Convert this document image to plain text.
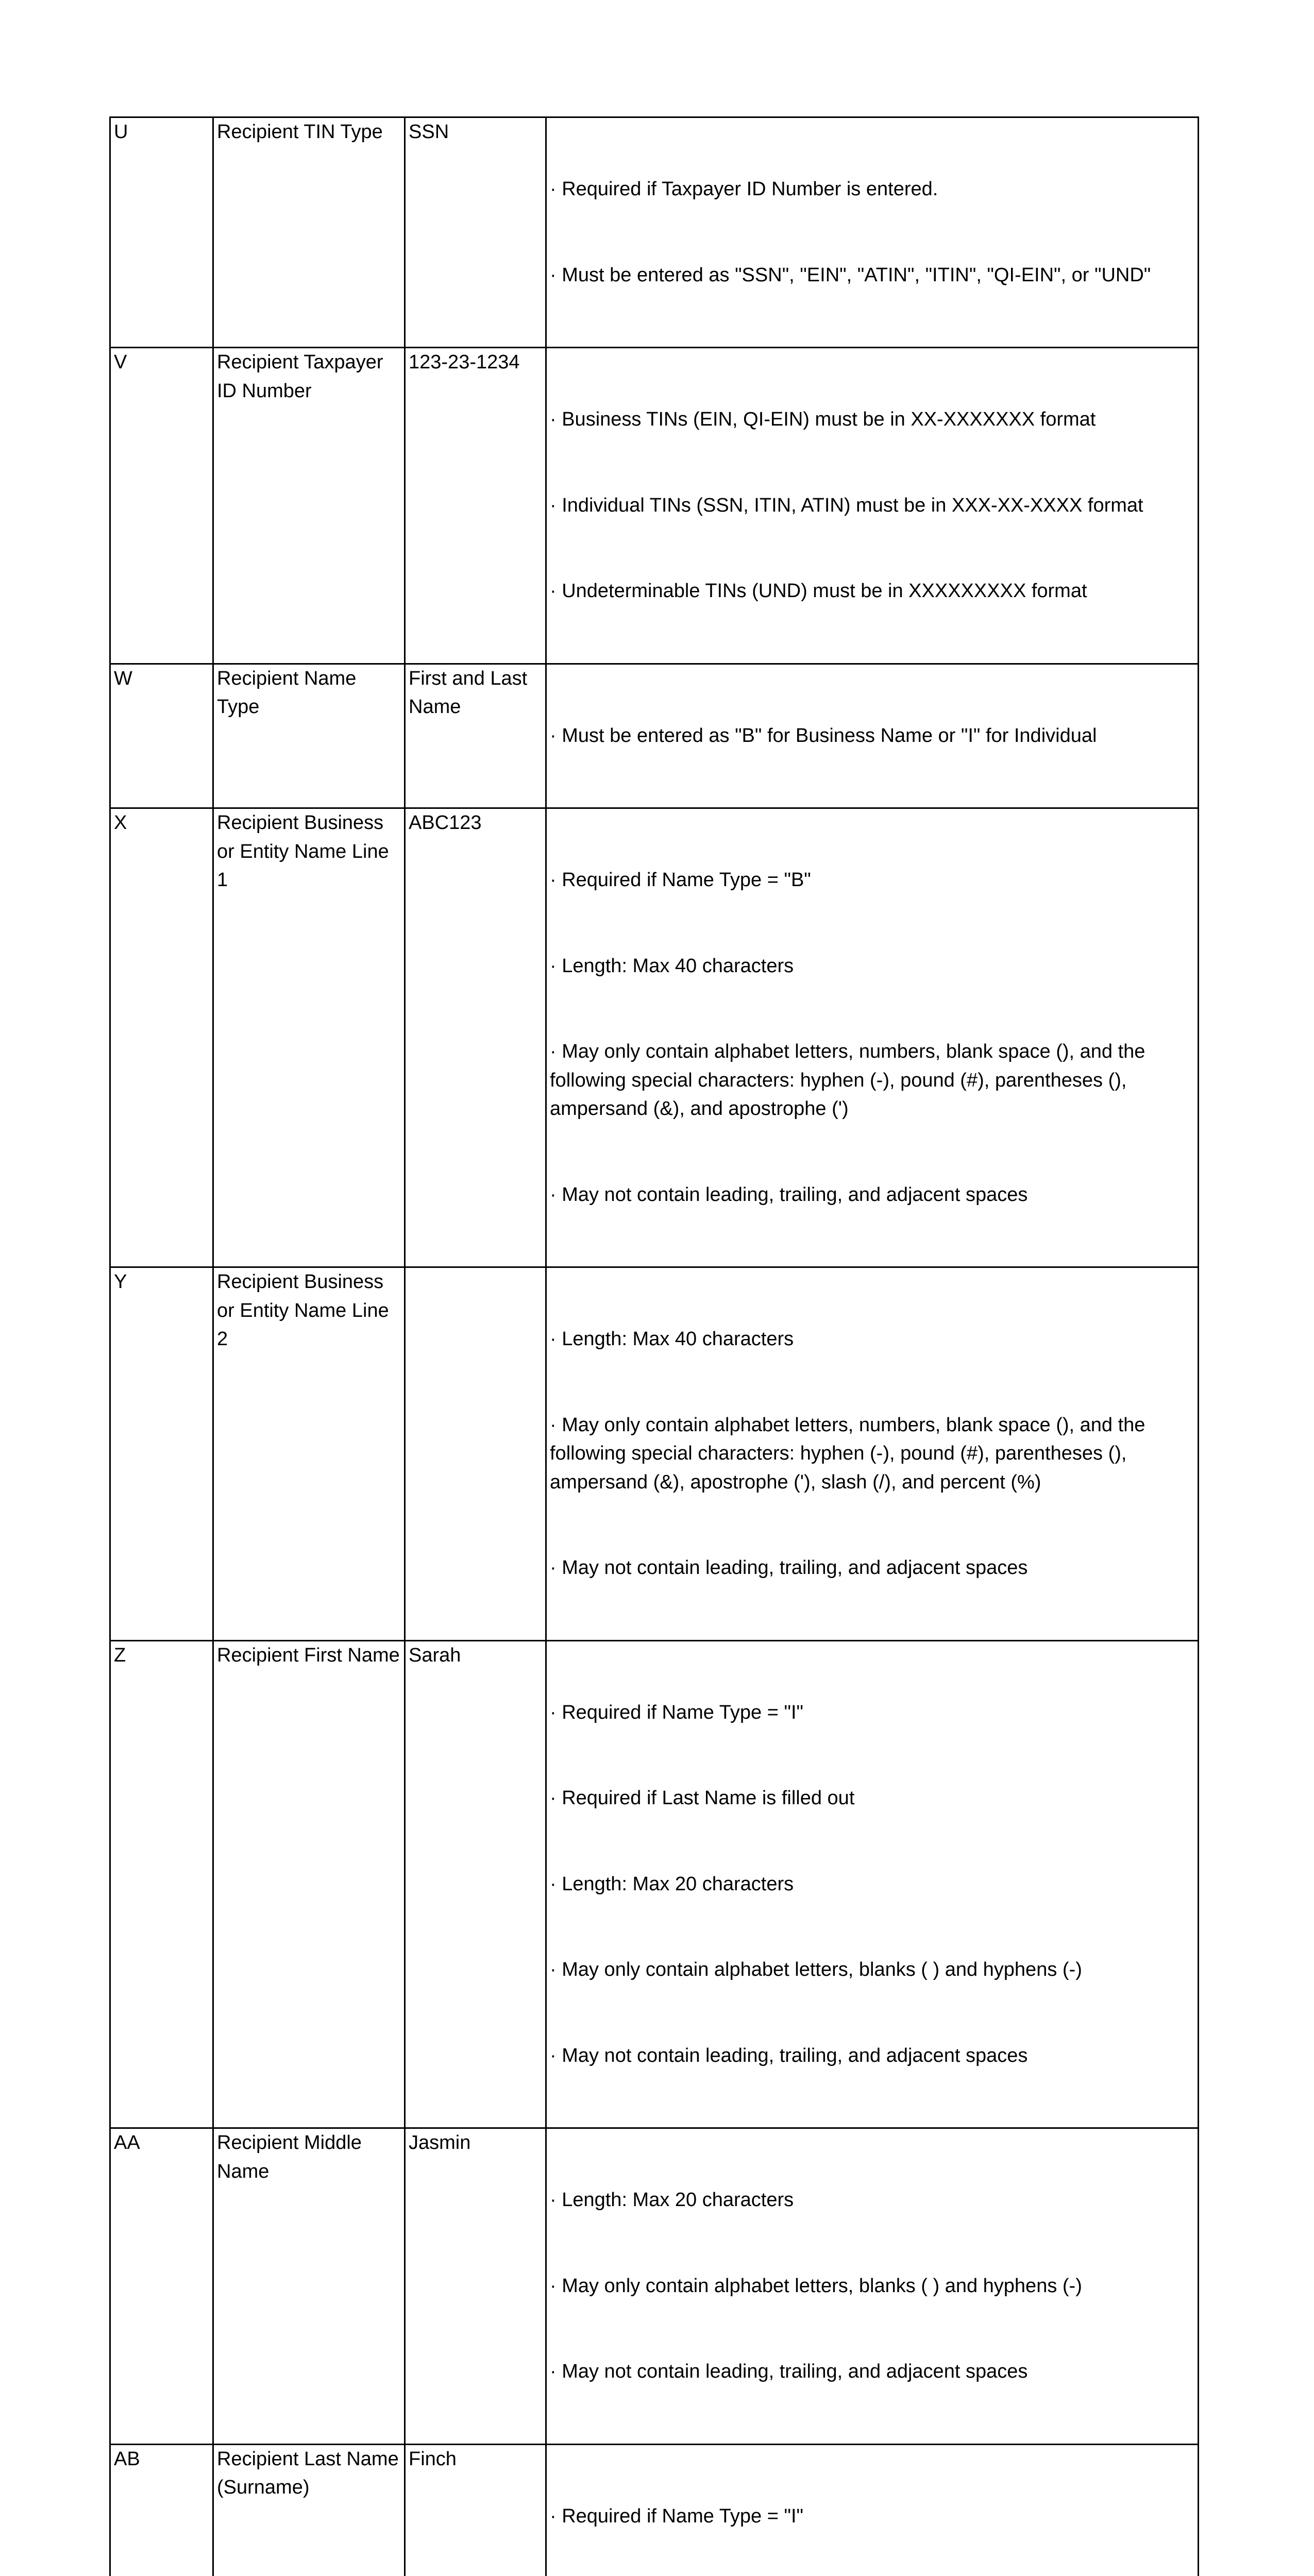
U	Recipient TIN Type	SSN	· Required if Taxpayer ID Number is entered.

· Must be entered as "SSN", "EIN", "ATIN", "ITIN", "QI-EIN", or "UND"

V	Recipient Taxpayer ID Number	123-23-1234	· Business TINs (EIN, QI-EIN) must be in XX-XXXXXXX format

· Individual TINs (SSN, ITIN, ATIN) must be in XXX-XX-XXXX format

· Undeterminable TINs (UND) must be in XXXXXXXXX format

W	Recipient Name Type	First and Last Name	· Must be entered as "B" for Business Name or "I" for Individual

X	Recipient Business or Entity Name Line 1	ABC123	· Required if Name Type = "B"

· Length: Max 40 characters

· May only contain alphabet letters, numbers, blank space (), and the following special characters: hyphen (-), pound (#), parentheses (), ampersand (&), and apostrophe (')

· May not contain leading, trailing, and adjacent spaces

Y	Recipient Business or Entity Name Line 2		· Length: Max 40 characters

· May only contain alphabet letters, numbers, blank space (), and the following special characters: hyphen (-), pound (#), parentheses (), ampersand (&), apostrophe ('), slash (/), and percent (%)

· May not contain leading, trailing, and adjacent spaces

Z	Recipient First Name	Sarah	· Required if Name Type = "I"

· Required if Last Name is filled out

· Length: Max 20 characters

· May only contain alphabet letters, blanks ( ) and hyphens (-)

· May not contain leading, trailing, and adjacent spaces

AA	Recipient Middle Name	Jasmin	· Length: Max 20 characters

· May only contain alphabet letters, blanks ( ) and hyphens (-)

· May not contain leading, trailing, and adjacent spaces

AB	Recipient Last Name (Surname)	Finch	· Required if Name Type = "I"
